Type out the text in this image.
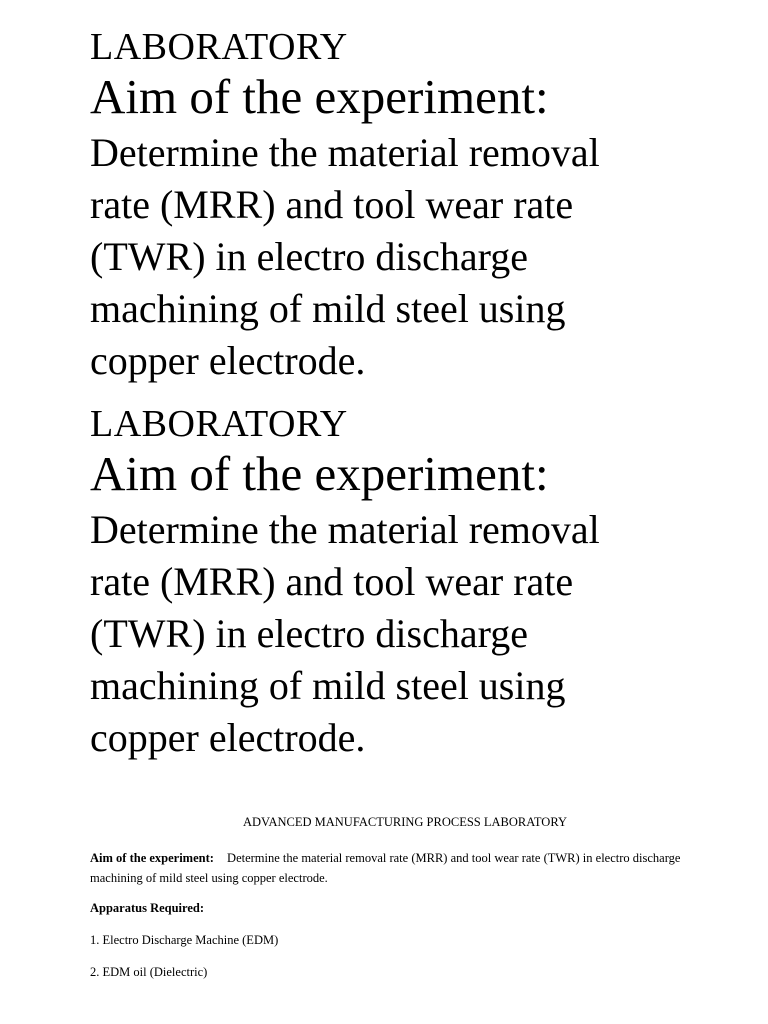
LABORATORY
Aim of the experiment:
Determine the material removal
rate (MRR) and tool wear rate
(TWR) in electro discharge
machining of mild steel using
copper electrode.
LABORATORY
Aim of the experiment:
Determine the material removal
rate (MRR) and tool wear rate
(TWR) in electro discharge
machining of mild steel using
copper electrode.
ADVANCED MANUFACTURING PROCESS LABORATORY
Aim of the experiment: Determine the material removal rate (MRR) and tool wear rate (TWR) in electro discharge machining of mild steel using copper electrode.
Apparatus Required:
1. Electro Discharge Machine (EDM)
2. EDM oil (Dielectric)
